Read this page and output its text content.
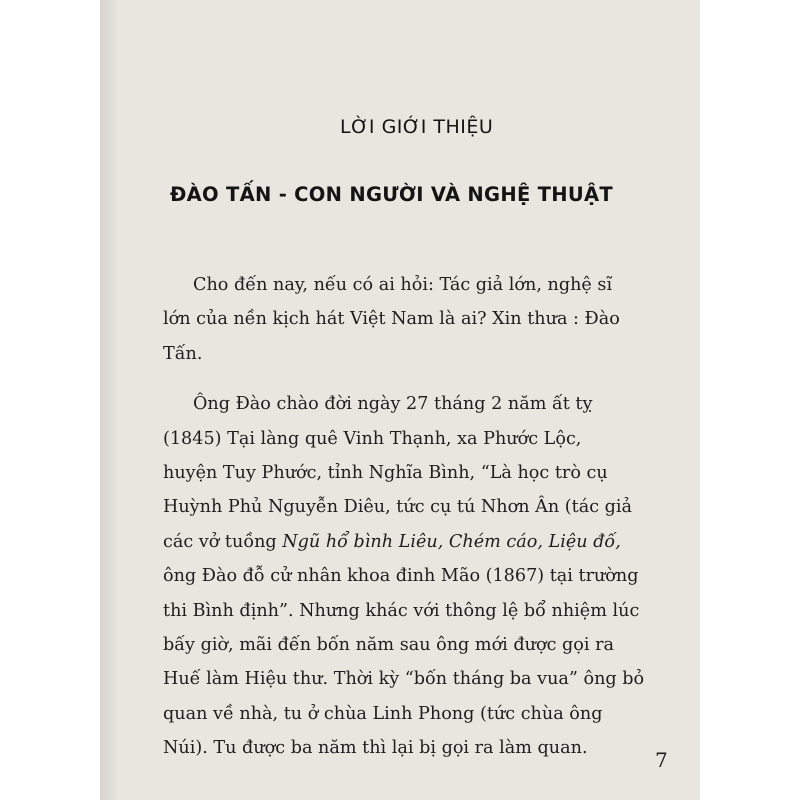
LỜI GIỚI THIỆU
ĐÀO TẤN - CON NGƯỜI VÀ NGHỆ THUẬT
Cho đến nay, nếu có ai hỏi: Tác giả lớn, nghệ sĩ
lớn của nền kịch hát Việt Nam là ai? Xin thưa : Đào
Tấn.
Ông Đào chào đời ngày 27 tháng 2 năm ất tỵ
(1845) Tại làng quê Vinh Thạnh, xa Phước Lộc,
huyện Tuy Phước, tỉnh Nghĩa Bình, “Là học trò cụ
Huỳnh Phủ Nguyễn Diêu, tức cụ tú Nhơn Ân (tác giả
các vở tuồng Ngũ hổ bình Liêu, Chém cáo, Liệu đố,
ông Đào đỗ cử nhân khoa đinh Mão (1867) tại trường
thi Bình định”. Nhưng khác với thông lệ bổ nhiệm lúc
bấy giờ, mãi đến bốn năm sau ông mới được gọi ra
Huế làm Hiệu thư. Thời kỳ “bốn tháng ba vua” ông bỏ
quan về nhà, tu ở chùa Linh Phong (tức chùa ông
Núi). Tu được ba năm thì lại bị gọi ra làm quan.	7
